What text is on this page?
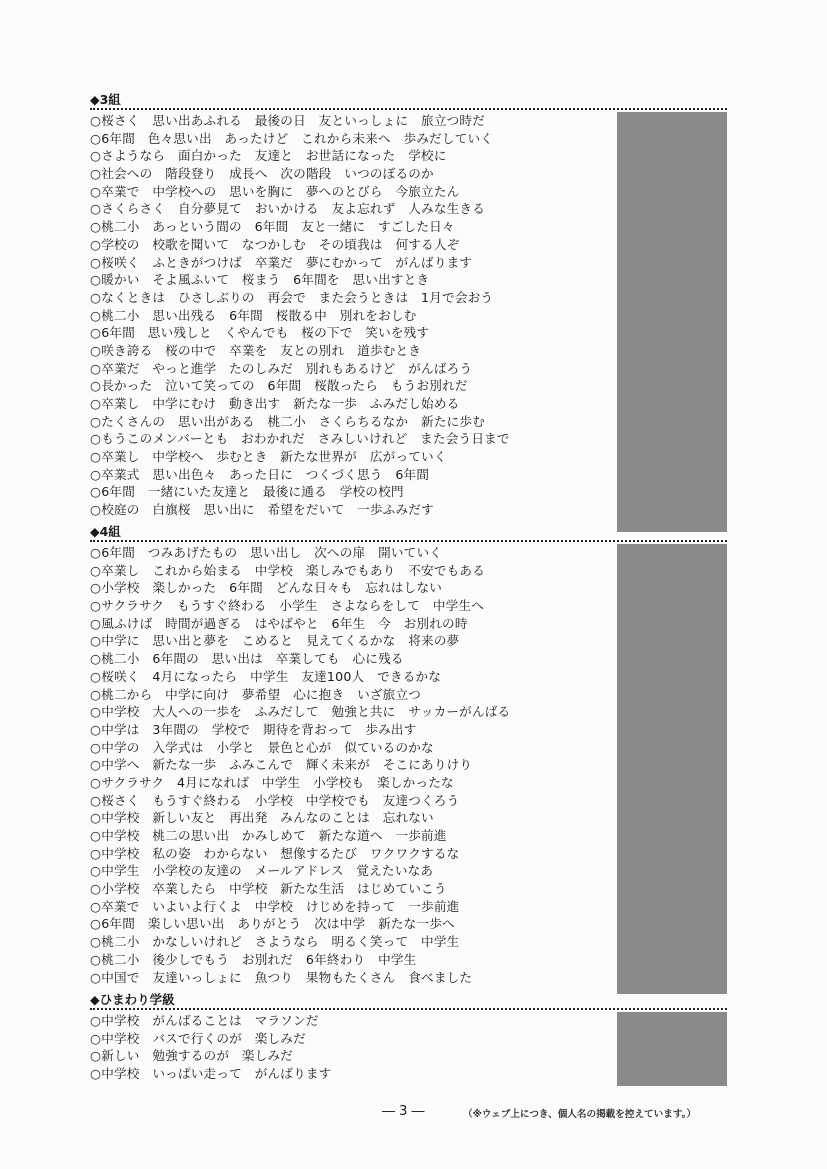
◆3組
○桜さく　思い出あふれる　最後の日　友といっしょに　旅立つ時だ
○6年間　色々思い出　あったけど　これから未来へ　歩みだしていく
○さようなら　面白かった　友達と　お世話になった　学校に
○社会への　階段登り　成長へ　次の階段　いつのぼるのか
○卒業で　中学校への　思いを胸に　夢へのとびら　今旅立たん
○さくらさく　自分夢見て　おいかける　友よ忘れず　人みな生きる
○桃二小　あっという間の　6年間　友と一緒に　すごした日々
○学校の　校歌を聞いて　なつかしむ　その頃我は　何する人ぞ
○桜咲く　ふときがつけば　卒業だ　夢にむかって　がんばります
○暖かい　そよ風ふいて　桜まう　6年間を　思い出すとき
○なくときは　ひさしぶりの　再会で　また会うときは　1月で会おう
○桃二小　思い出残る　6年間　桜散る中　別れをおしむ
○6年間　思い残しと　くやんでも　桜の下で　笑いを残す
○咲き誇る　桜の中で　卒業を　友との別れ　道歩むとき
○卒業だ　やっと進学　たのしみだ　別れもあるけど　がんばろう
○長かった　泣いて笑っての　6年間　桜散ったら　もうお別れだ
○卒業し　中学にむけ　動き出す　新たな一歩　ふみだし始める
○たくさんの　思い出がある　桃二小　さくらちるなか　新たに歩む
○もうこのメンバーとも　おわかれだ　さみしいけれど　また会う日まで
○卒業し　中学校へ　歩むとき　新たな世界が　広がっていく
○卒業式　思い出色々　あった日に　つくづく思う　6年間
○6年間　一緒にいた友達と　最後に通る　学校の校門
○校庭の　白旗桜　思い出に　希望をだいて　一歩ふみだす
◆4組
○6年間　つみあげたもの　思い出し　次への扉　開いていく
○卒業し　これから始まる　中学校　楽しみでもあり　不安でもある
○小学校　楽しかった　6年間　どんな日々も　忘れはしない
○サクラサク　もうすぐ終わる　小学生　さよならをして　中学生へ
○風ふけば　時間が過ぎる　はやばやと　6年生　今　お別れの時
○中学に　思い出と夢を　こめると　見えてくるかな　将来の夢
○桃二小　6年間の　思い出は　卒業しても　心に残る
○桜咲く　4月になったら　中学生　友達100人　できるかな
○桃二から　中学に向け　夢希望　心に抱き　いざ旅立つ
○中学校　大人への一歩を　ふみだして　勉強と共に　サッカーがんばる
○中学は　3年間の　学校で　期待を背おって　歩み出す
○中学の　入学式は　小学と　景色と心が　似ているのかな
○中学へ　新たな一歩　ふみこんで　輝く未来が　そこにありけり
○サクラサク　4月になれば　中学生　小学校も　楽しかったな
○桜さく　もうすぐ終わる　小学校　中学校でも　友達つくろう
○中学校　新しい友と　再出発　みんなのことは　忘れない
○中学校　桃二の思い出　かみしめて　新たな道へ　一歩前進
○中学校　私の姿　わからない　想像するたび　ワクワクするな
○中学生　小学校の友達の　メールアドレス　覚えたいなあ
○小学校　卒業したら　中学校　新たな生活　はじめていこう
○卒業で　いよいよ行くよ　中学校　けじめを持って　一歩前進
○6年間　楽しい思い出　ありがとう　次は中学　新たな一歩へ
○桃二小　かなしいけれど　さようなら　明るく笑って　中学生
○桃二小　後少しでもう　お別れだ　6年終わり　中学生
○中国で　友達いっしょに　魚つり　果物もたくさん　食べました
◆ひまわり学級
○中学校　がんばることは　マラソンだ
○中学校　バスで行くのが　楽しみだ
○新しい　勉強するのが　楽しみだ
○中学校　いっぱい走って　がんばります
― 3 ―	（※ウェブ上につき、個人名の掲載を控えています。）
